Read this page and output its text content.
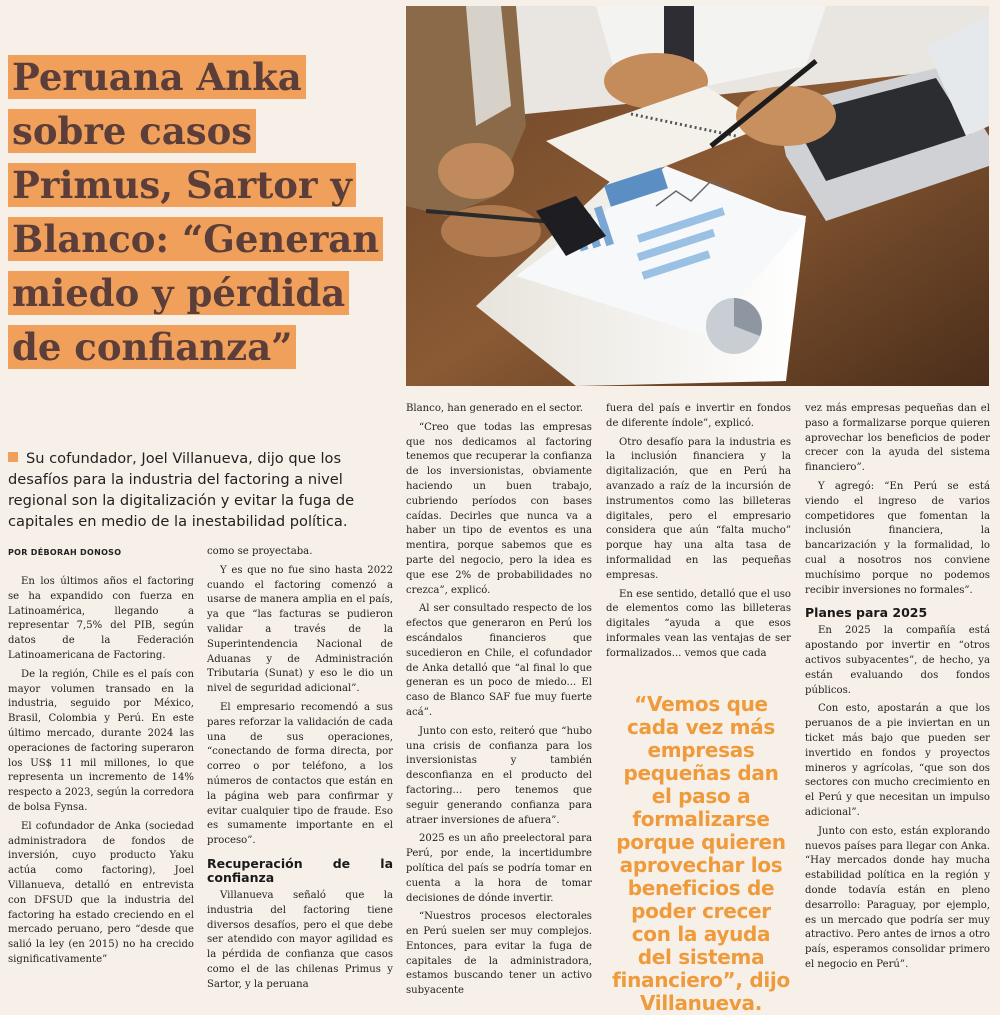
Peruana Anka
sobre casos
Primus, Sartor y
Blanco: “Generan
miedo y pérdida
de confianza”
Su cofundador, Joel Villanueva, dijo que los desafíos para la industria del factoring a nivel regional son la digitalización y evitar la fuga de capitales en medio de la inestabilidad política.
POR DÉBORAH DONOSO

En los últimos años el factoring se ha expandido con fuerza en Latinoamérica, llegando a representar 7,5% del PIB, según datos de la Federación Latinoamericana de Factoring.

De la región, Chile es el país con mayor volumen transado en la industria, seguido por México, Brasil, Colombia y Perú. En este último mercado, durante 2024 las operaciones de factoring superaron los US$ 11 mil millones, lo que representa un incremento de 14% respecto a 2023, según la corredora de bolsa Fynsa.

El cofundador de Anka (sociedad administradora de fondos de inversión, cuyo producto Yaku actúa como factoring), Joel Villanueva, detalló en entrevista con DFSUD que la industria del factoring ha estado creciendo en el mercado peruano, pero “desde que salió la ley (en 2015) no ha crecido significativamente”

como se proyectaba.

Y es que no fue sino hasta 2022 cuando el factoring comenzó a usarse de manera amplia en el país, ya que “las facturas se pudieron validar a través de la Superintendencia Nacional de Aduanas y de Administración Tributaria (Sunat) y eso le dio un nivel de seguridad adicional”.

El empresario recomendó a sus pares reforzar la validación de cada una de sus operaciones, “conectando de forma directa, por correo o por teléfono, a los números de contactos que están en la página web para confirmar y evitar cualquier tipo de fraude. Eso es sumamente importante en el proceso”.

Recuperación de la confianza

Villanueva señaló que la industria del factoring tiene diversos desafíos, pero el que debe ser atendido con mayor agilidad es la pérdida de confianza que casos como el de las chilenas Primus y Sartor, y la peruana

Blanco, han generado en el sector.

“Creo que todas las empresas que nos dedicamos al factoring tenemos que recuperar la confianza de los inversionistas, obviamente haciendo un buen trabajo, cubriendo períodos con bases caídas. Decirles que nunca va a haber un tipo de eventos es una mentira, porque sabemos que es parte del negocio, pero la idea es que ese 2% de probabilidades no crezca”, explicó.

Al ser consultado respecto de los efectos que generaron en Perú los escándalos financieros que sucedieron en Chile, el cofundador de Anka detalló que “al final lo que generan es un poco de miedo... El caso de Blanco SAF fue muy fuerte acá”.

Junto con esto, reiteró que “hubo una crisis de confianza para los inversionistas y también desconfianza en el producto del factoring... pero tenemos que seguir generando confianza para atraer inversiones de afuera”.

2025 es un año preelectoral para Perú, por ende, la incertidumbre política del país se podría tomar en cuenta a la hora de tomar decisiones de dónde invertir.

“Nuestros procesos electorales en Perú suelen ser muy complejos. Entonces, para evitar la fuga de capitales de la administradora, estamos buscando tener un activo subyacente

fuera del país e invertir en fondos de diferente índole”, explicó.

Otro desafío para la industria es la inclusión financiera y la digitalización, que en Perú ha avanzado a raíz de la incursión de instrumentos como las billeteras digitales, pero el empresario considera que aún “falta mucho” porque hay una alta tasa de informalidad en las pequeñas empresas.

En ese sentido, detalló que el uso de elementos como las billeteras digitales “ayuda a que esos informales vean las ventajas de ser formalizados... vemos que cada

“Vemos que cada vez más empresas pequeñas dan el paso a formalizarse porque quieren aprovechar los beneficios de poder crecer con la ayuda del sistema financiero”, dijo Villanueva.

vez más empresas pequeñas dan el paso a formalizarse porque quieren aprovechar los beneficios de poder crecer con la ayuda del sistema financiero”.

Y agregó: “En Perú se está viendo el ingreso de varios competidores que fomentan la inclusión financiera, la bancarización y la formalidad, lo cual a nosotros nos conviene muchísimo porque no podemos recibir inversiones no formales”.

Planes para 2025

En 2025 la compañía está apostando por invertir en “otros activos subyacentes”, de hecho, ya están evaluando dos fondos públicos.

Con esto, apostarán a que los peruanos de a pie inviertan en un ticket más bajo que pueden ser invertido en fondos y proyectos mineros y agrícolas, “que son dos sectores con mucho crecimiento en el Perú y que necesitan un impulso adicional”.

Junto con esto, están explorando nuevos países para llegar con Anka. “Hay mercados donde hay mucha estabilidad política en la región y donde todavía están en pleno desarrollo: Paraguay, por ejemplo, es un mercado que podría ser muy atractivo. Pero antes de irnos a otro país, esperamos consolidar primero el negocio en Perú”.
